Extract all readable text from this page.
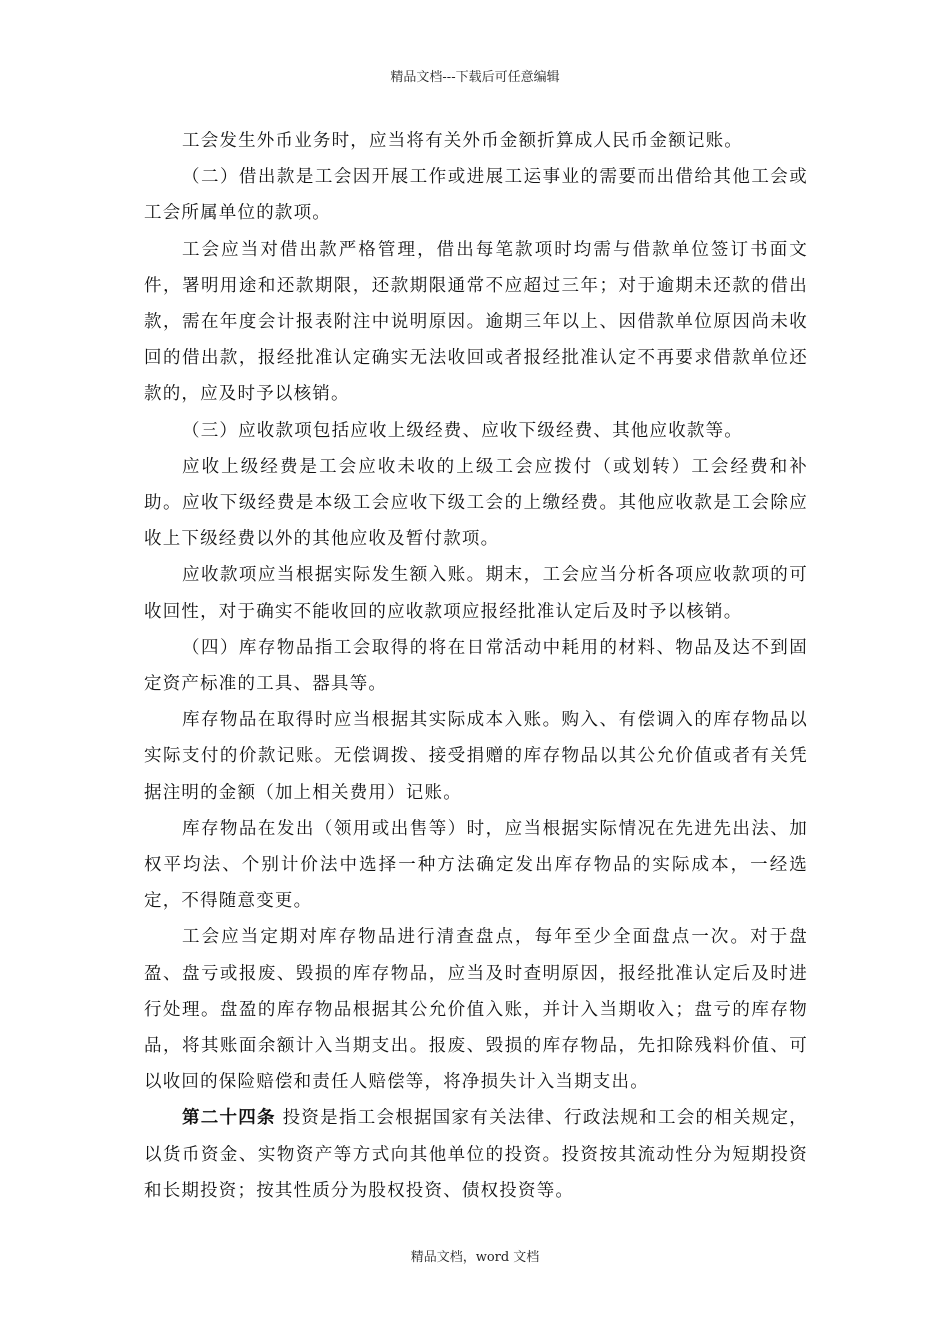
精品文档---下载后可任意编辑

工会发生外币业务时，应当将有关外币金额折算成人民币金额记账。

（二）借出款是工会因开展工作或进展工运事业的需要而出借给其他工会或工会所属单位的款项。

工会应当对借出款严格管理，借出每笔款项时均需与借款单位签订书面文件，署明用途和还款期限，还款期限通常不应超过三年；对于逾期未还款的借出款，需在年度会计报表附注中说明原因。逾期三年以上、因借款单位原因尚未收回的借出款，报经批准认定确实无法收回或者报经批准认定不再要求借款单位还款的，应及时予以核销。

（三）应收款项包括应收上级经费、应收下级经费、其他应收款等。

应收上级经费是工会应收未收的上级工会应拨付（或划转）工会经费和补助。应收下级经费是本级工会应收下级工会的上缴经费。其他应收款是工会除应收上下级经费以外的其他应收及暂付款项。

应收款项应当根据实际发生额入账。期末，工会应当分析各项应收款项的可收回性，对于确实不能收回的应收款项应报经批准认定后及时予以核销。

（四）库存物品指工会取得的将在日常活动中耗用的材料、物品及达不到固定资产标准的工具、器具等。

库存物品在取得时应当根据其实际成本入账。购入、有偿调入的库存物品以实际支付的价款记账。无偿调拨、接受捐赠的库存物品以其公允价值或者有关凭据注明的金额（加上相关费用）记账。

库存物品在发出（领用或出售等）时，应当根据实际情况在先进先出法、加权平均法、个别计价法中选择一种方法确定发出库存物品的实际成本，一经选定，不得随意变更。

工会应当定期对库存物品进行清查盘点，每年至少全面盘点一次。对于盘盈、盘亏或报废、毁损的库存物品，应当及时查明原因，报经批准认定后及时进行处理。盘盈的库存物品根据其公允价值入账，并计入当期收入；盘亏的库存物品，将其账面余额计入当期支出。报废、毁损的库存物品，先扣除残料价值、可以收回的保险赔偿和责任人赔偿等，将净损失计入当期支出。

第二十四条 投资是指工会根据国家有关法律、行政法规和工会的相关规定，以货币资金、实物资产等方式向其他单位的投资。投资按其流动性分为短期投资和长期投资；按其性质分为股权投资、债权投资等。

精品文档，word 文档
